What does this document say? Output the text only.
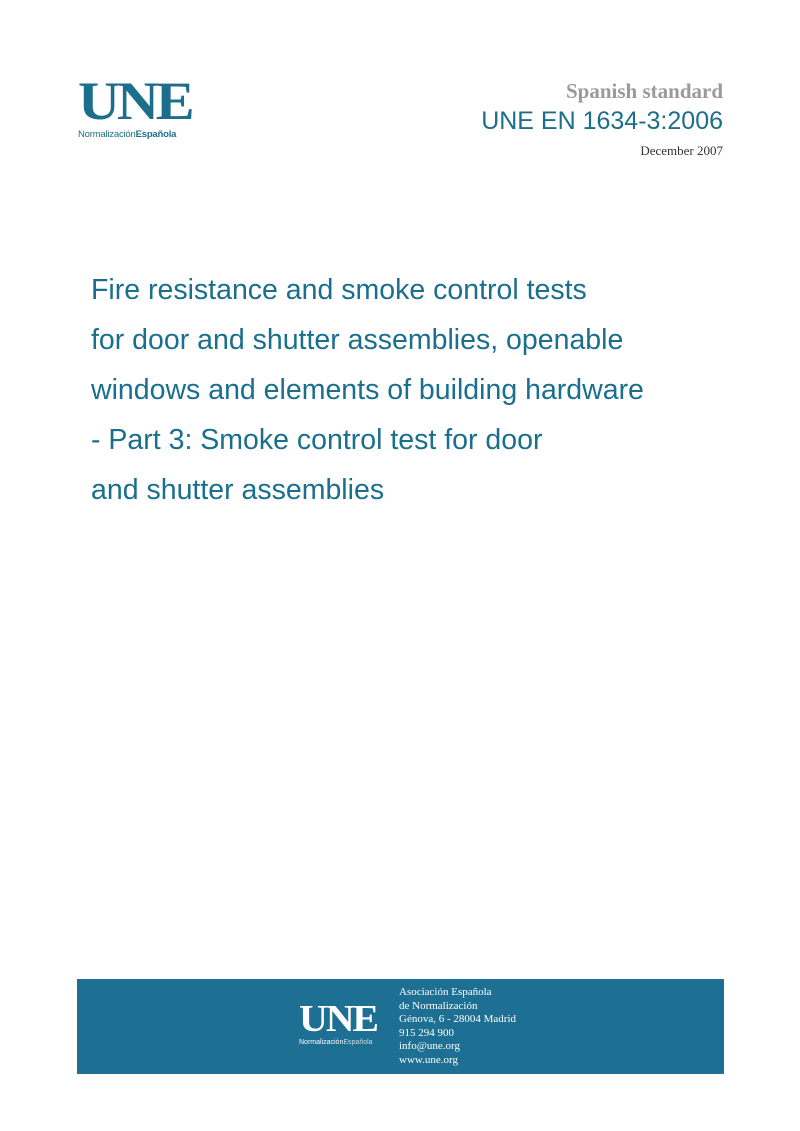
UNE
NormalizaciónEspañola
Spanish standard
UNE EN 1634-3:2006
December 2007
Fire resistance and smoke control tests
for door and shutter assemblies, openable
windows and elements of building hardware
- Part 3: Smoke control test for door
and shutter assemblies
UNE
NormalizaciónEspañola
Asociación Española
de Normalización
Génova, 6 - 28004 Madrid
915 294 900
info@une.org
www.une.org
